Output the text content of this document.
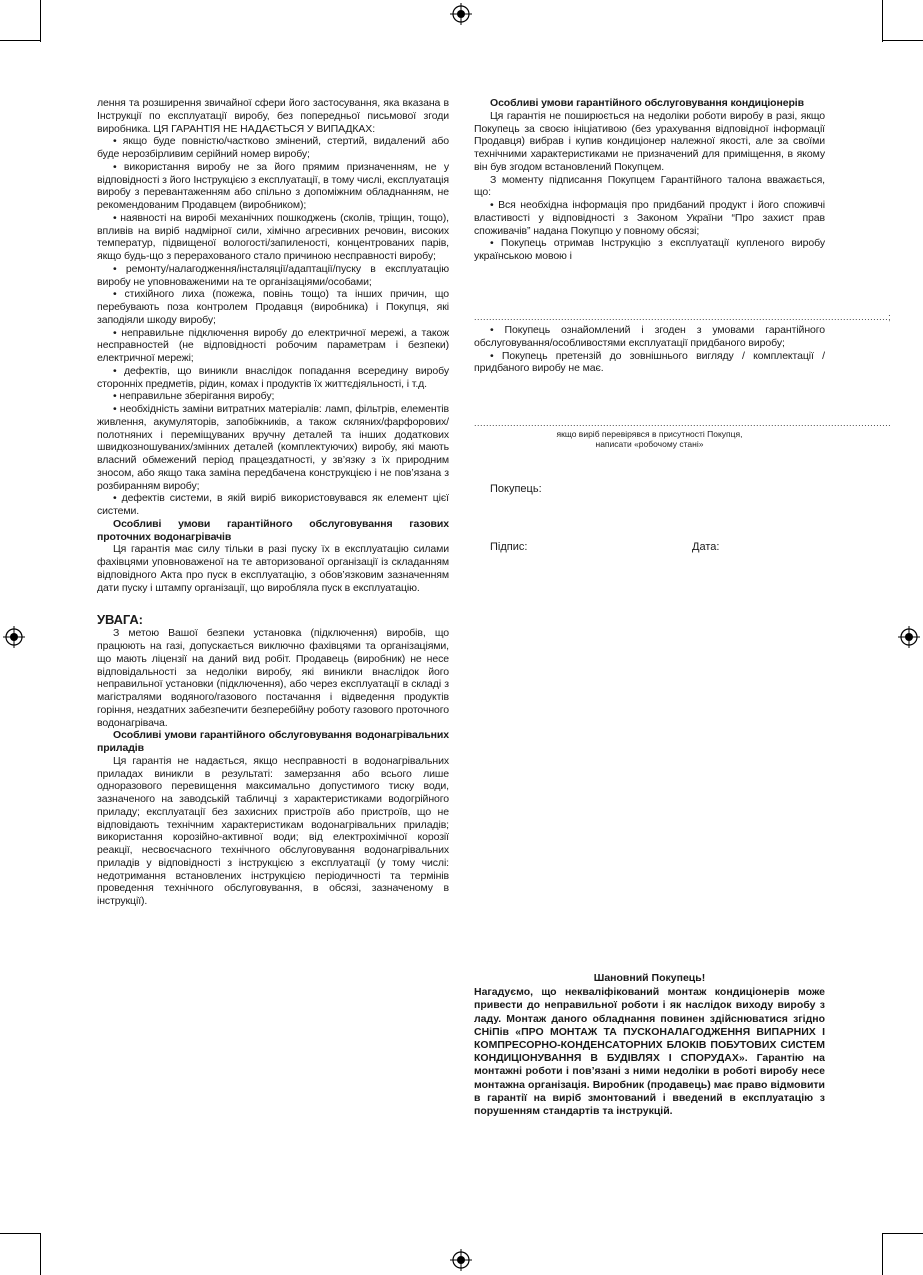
лення та розширення звичайної сфери його застосування, яка вказана в Інструкції по експлуатації виробу, без попередньої письмової згоди виробника. ЦЯ ГАРАНТІЯ НЕ НАДАЄТЬСЯ У ВИПАДКАХ:

• якщо буде повністю/частково змінений, стертий, видалений або буде нерозбірливим серійний номер виробу;

• використання виробу не за його прямим призначенням, не у відповідності з його Інструкцією з експлуатації, в тому числі, експлуатація виробу з перевантаженням або спільно з допоміжним обладнанням, не рекомендованим Продавцем (виробником);

• наявності на виробі механічних пошкоджень (сколів, тріщин, тощо), впливів на виріб надмірної сили, хімічно агресивних речовин, високих температур, підвищеної вологості/запиленості, концентрованих парів, якщо будь-що з перерахованого стало причиною несправності виробу;

• ремонту/налагодження/інсталяції/адаптації/пуску в експлуатацію виробу не уповноваженими на те організаціями/особами;

• стихійного лиха (пожежа, повінь тощо) та інших причин, що перебувають поза контролем Продавця (виробника) і Покупця, які заподіяли шкоду виробу;

• неправильне підключення виробу до електричної мережі, а також несправностей (не відповідності робочим параметрам і безпеки) електричної мережі;

• дефектів, що виникли внаслідок попадання всередину виробу сторонніх предметів, рідин, комах і продуктів їх життєдіяльності, і т.д.

• неправильне зберігання виробу;

• необхідність заміни витратних матеріалів: ламп, фільтрів, елементів живлення, акумуляторів, запобіжників, а також скляних/фарфорових/полотняних і переміщуваних вручну деталей та інших додаткових швидкозношуваних/змінних деталей (комплектуючих) виробу, які мають власний обмежений період працездатності, у зв’язку з їх природним зносом, або якщо така заміна передбачена конструкцією і не пов’язана з розбиранням виробу;

• дефектів системи, в якій виріб використовувався як елемент цієї системи.

Особливі умови гарантійного обслуговування газових проточних водонагрівачів

Ця гарантія має силу тільки в разі пуску їх в експлуатацію силами фахівцями уповноваженої на те авторизованої організації із складанням відповідного Акта про пуск в експлуатацію, з обов’язковим зазначенням дати пуску і штампу організації, що виробляла пуск в експлуатацію.

УВАГА:

З метою Вашої безпеки установка (підключення) виробів, що працюють на газі, допускається виключно фахівцями та організаціями, що мають ліцензії на даний вид робіт. Продавець (виробник) не несе відповідальності за недоліки виробу, які виникли внаслідок його неправильної установки (підключення), або через експлуатації в складі з магістралями водяного/газового постачання і відведення продуктів горіння, нездатних забезпечити безперебійну роботу газового проточного водонагрівача.

Особливі умови гарантійного обслуговування водонагрівальних приладів

Ця гарантія не надається, якщо несправності в водонагрівальних приладах виникли в результаті: замерзання або всього лише одноразового перевищення максимально допустимого тиску води, зазначеного на заводській табличці з характеристиками водогрійного приладу; експлуатації без захисних пристроїв або пристроїв, що не відповідають технічним характеристикам водонагрівальних приладів; використання корозійно-активної води; від електрохімічної корозії реакції, несвоєчасного технічного обслуговування водонагрівальних приладів у відповідності з інструкцією з експлуатації (у тому числі: недотримання встановлених інструкцією періодичності та термінів проведення технічного обслуговування, в обсязі, зазначеному в інструкції).

Особливі умови гарантійного обслуговування кондиціонерів

Ця гарантія не поширюється на недоліки роботи виробу в разі, якщо Покупець за своєю ініціативою (без урахування відповідної інформації Продавця) вибрав і купив кондиціонер належної якості, але за своїми технічними характеристиками не призначений для приміщення, в якому він був згодом встановлений Покупцем.

З моменту підписання Покупцем Гарантійного талона вважається, що:

• Вся необхідна інформація про придбаний продукт і його споживчі властивості у відповідності з Законом України “Про захист прав споживачів” надана Покупцю у повному обсязі;

• Покупець отримав Інструкцію з експлуатації купленого виробу українською мовою і

..........................................................................................................................................;

• Покупець ознайомлений і згоден з умовами гарантійного обслуговування/особливостями експлуатації придбаного виробу;

• Покупець претензій до зовнішнього вигляду / комплектації / придбаного виробу не має.

...........................................................................................................................................
якщо виріб перевірявся в присутності Покупця,
написати «робочому стані»
Покупець:
Підпис:	Дата:

Шановний Покупець!

Нагадуємо, що некваліфікований монтаж кондиціонерів може привести до неправильної роботи і як наслідок виходу виробу з ладу. Монтаж даного обладнання повинен здійснюватися згідно СНіПів «ПРО МОНТАЖ ТА ПУСКОНАЛАГОДЖЕННЯ ВИПАРНИХ І КОМПРЕСОРНО-КОНДЕНСАТОРНИХ БЛОКІВ ПОБУТОВИХ СИСТЕМ КОНДИЦІОНУВАННЯ В БУДІВЛЯХ І СПОРУДАХ». Гарантію на монтажні роботи і пов’язані з ними недоліки в роботі виробу несе монтажна організація. Виробник (продавець) має право відмовити в гарантії на виріб змонтований і введений в експлуатацію з порушенням стандартів та інструкцій.
